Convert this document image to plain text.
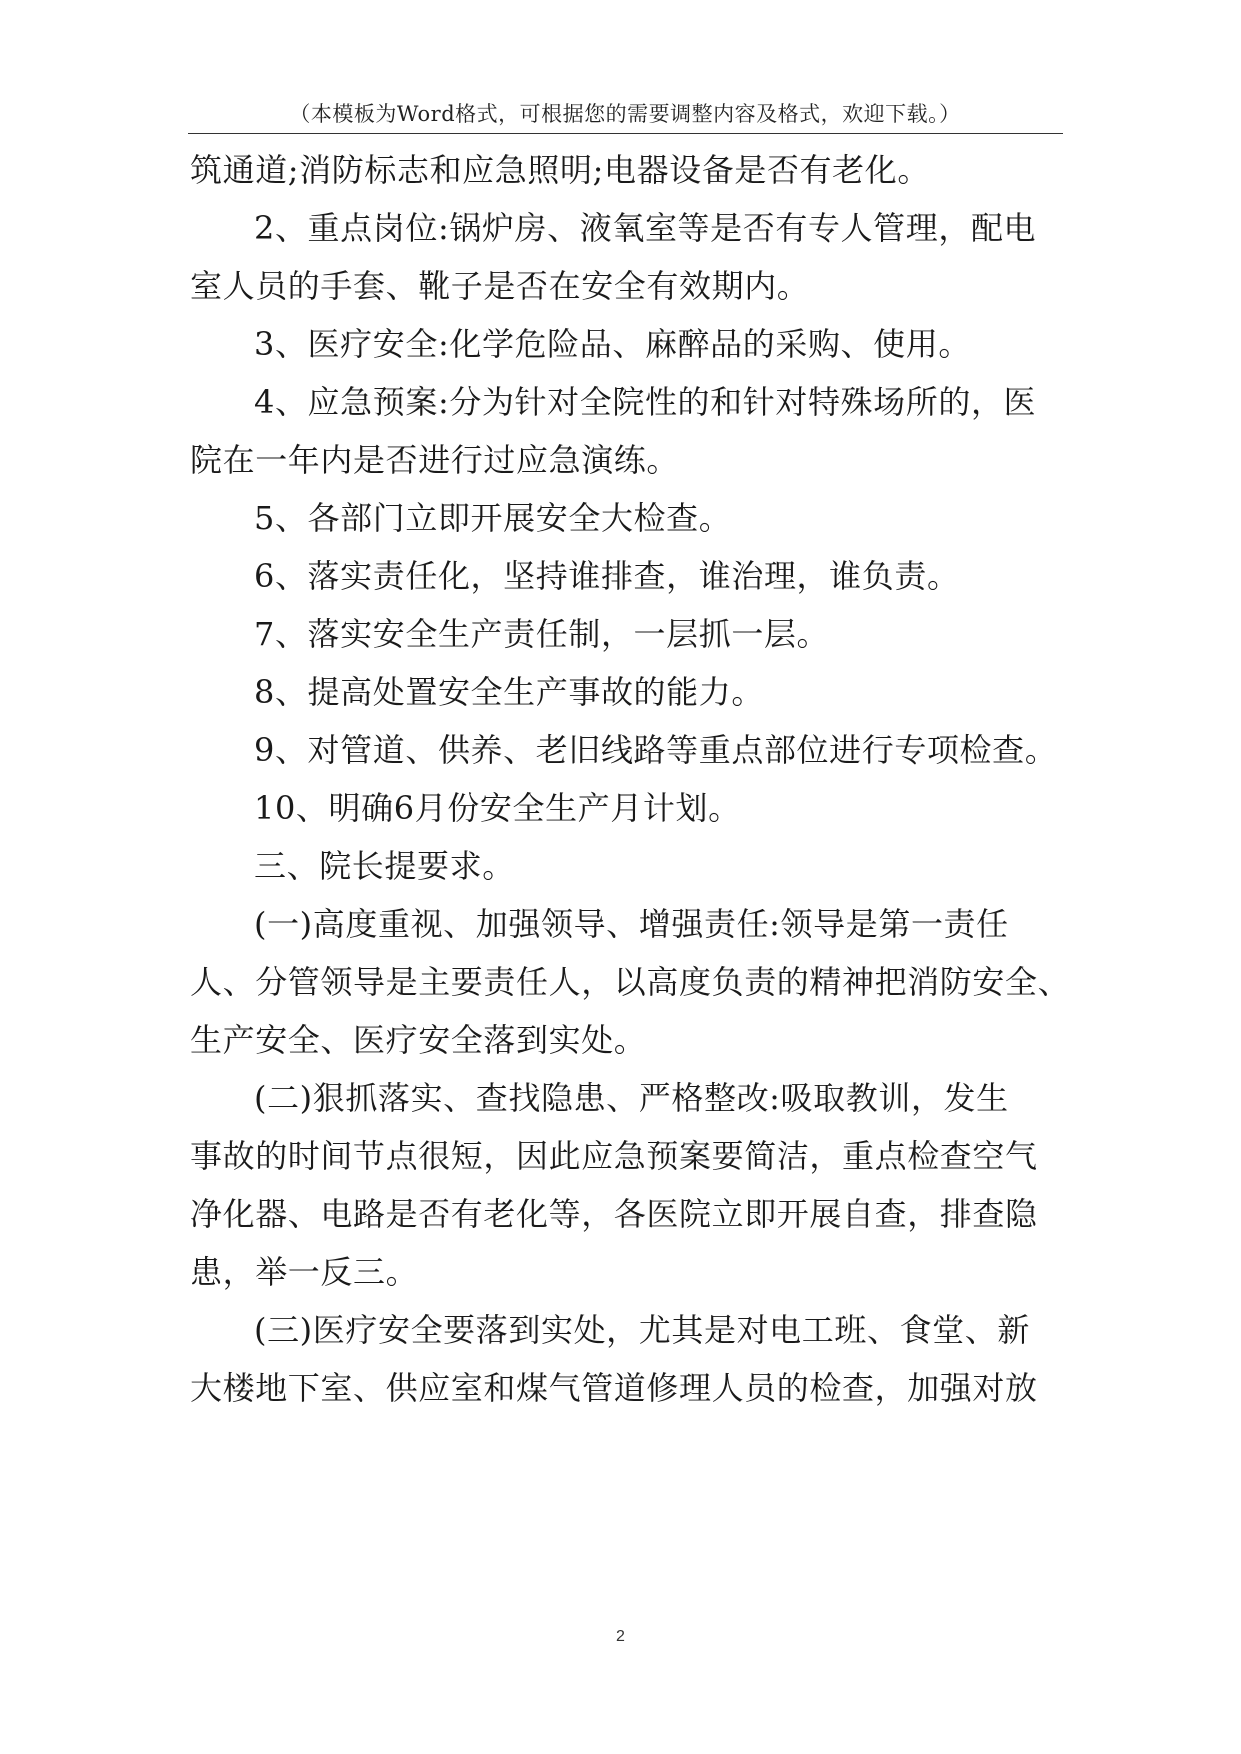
（本模板为Word格式，可根据您的需要调整内容及格式，欢迎下载。）
筑通道;消防标志和应急照明;电器设备是否有老化。
2、重点岗位:锅炉房、液氧室等是否有专人管理，配电
室人员的手套、靴子是否在安全有效期内。
3、医疗安全:化学危险品、麻醉品的采购、使用。
4、应急预案:分为针对全院性的和针对特殊场所的，医
院在一年内是否进行过应急演练。
5、各部门立即开展安全大检查。
6、落实责任化，坚持谁排查，谁治理，谁负责。
7、落实安全生产责任制，一层抓一层。
8、提高处置安全生产事故的能力。
9、对管道、供养、老旧线路等重点部位进行专项检查。
10、明确6月份安全生产月计划。
三、院长提要求。
(一)高度重视、加强领导、增强责任:领导是第一责任
人、分管领导是主要责任人，以高度负责的精神把消防安全、
生产安全、医疗安全落到实处。
(二)狠抓落实、查找隐患、严格整改:吸取教训，发生
事故的时间节点很短，因此应急预案要简洁，重点检查空气
净化器、电路是否有老化等，各医院立即开展自查，排查隐
患，举一反三。
(三)医疗安全要落到实处，尤其是对电工班、食堂、新
大楼地下室、供应室和煤气管道修理人员的检查，加强对放
2
